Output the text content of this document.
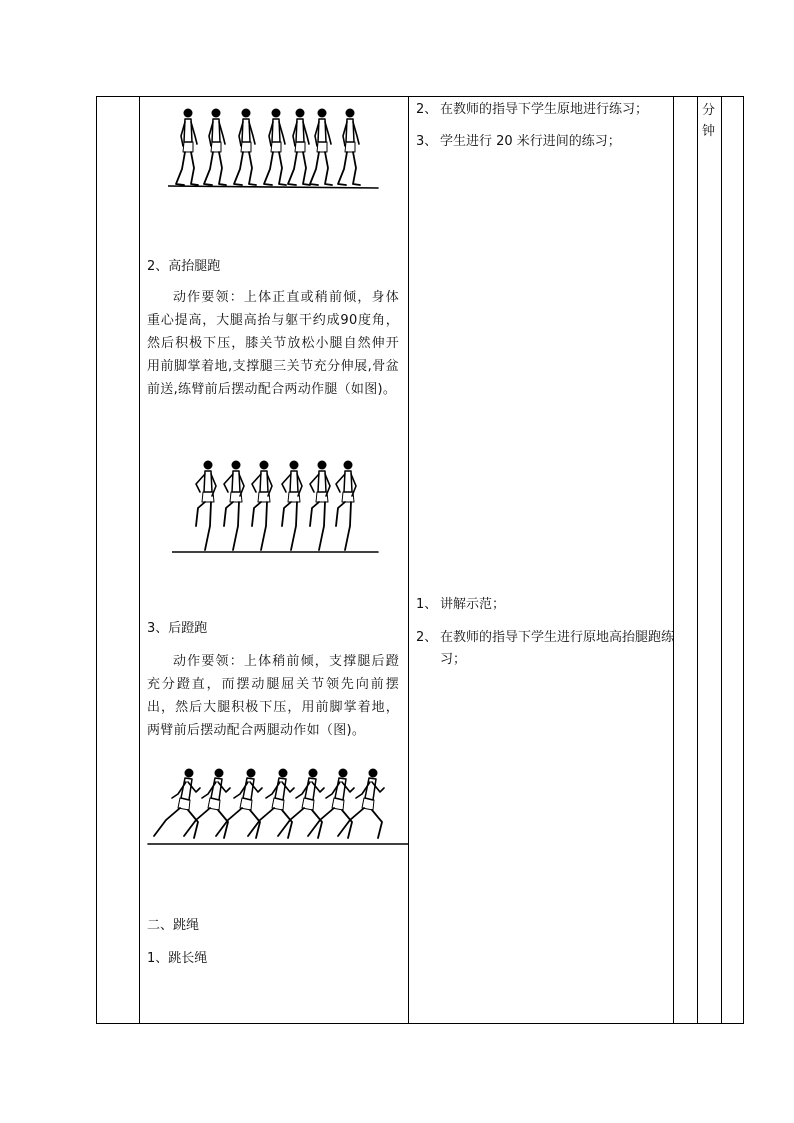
2、高抬腿跑

动作要领：上体正直或稍前倾，身体重心提高，大腿高抬与躯干约成90度角，然后积极下压，膝关节放松小腿自然伸开用前脚掌着地,支撑腿三关节充分伸展,骨盆前送,练臂前后摆动配合两动作腿（如图)。

3、后蹬跑

动作要领：上体稍前倾，支撑腿后蹬充分蹬直，而摆动腿屈关节领先向前摆出，然后大腿积极下压，用前脚掌着地，两臂前后摆动配合两腿动作如（图)。

二、跳绳

1、跳长绳

2、 在教师的指导下学生原地进行练习；
3、 学生进行 20 米行进间的练习；
1、 讲解示范；
2、 在教师的指导下学生进行原地高抬腿跑练习；
分钟
